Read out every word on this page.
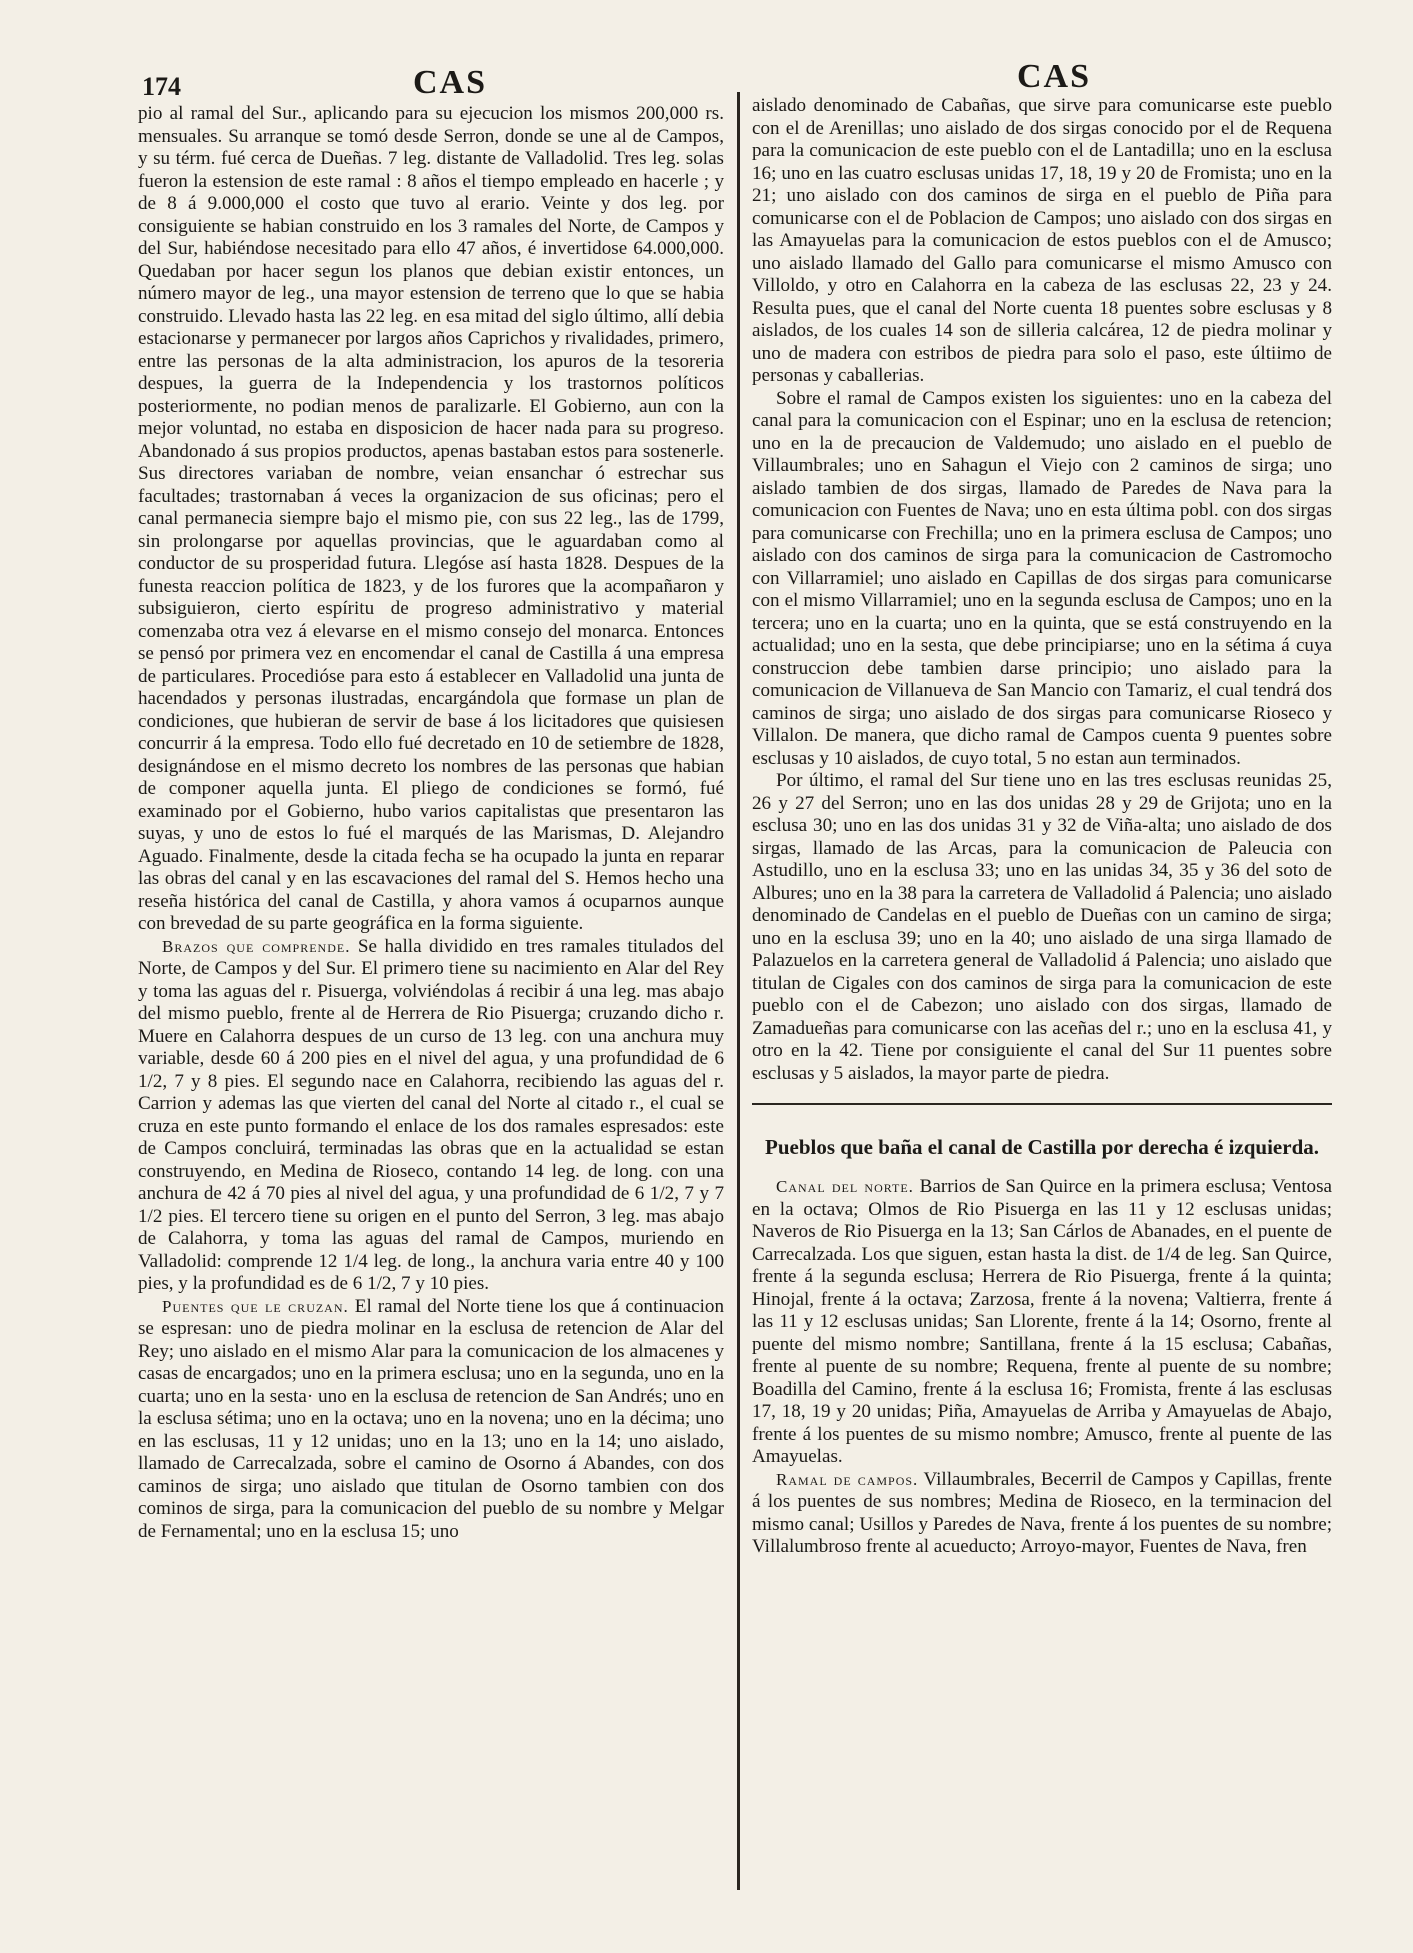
174	CAS	CAS

pio al ramal del Sur., aplicando para su ejecucion los mismos 200,000 rs. mensuales. Su arranque se tomó desde Serron, donde se une al de Campos, y su térm. fué cerca de Dueñas. 7 leg. distante de Valladolid. Tres leg. solas fueron la estension de este ramal : 8 años el tiempo empleado en hacerle ; y de 8 á 9.000,000 el costo que tuvo al erario. Veinte y dos leg. por consiguiente se habian construido en los 3 ramales del Norte, de Campos y del Sur, habiéndose necesitado para ello 47 años, é invertidose 64.000,000. Quedaban por hacer segun los planos que debian existir entonces, un número mayor de leg., una mayor estension de terreno que lo que se habia construido. Llevado hasta las 22 leg. en esa mitad del siglo último, allí debia estacionarse y permanecer por largos años Caprichos y rivalidades, primero, entre las personas de la alta administracion, los apuros de la tesoreria despues, la guerra de la Independencia y los trastornos políticos posteriormente, no podian menos de paralizarle. El Gobierno, aun con la mejor voluntad, no estaba en disposicion de hacer nada para su progreso. Abandonado á sus propios productos, apenas bastaban estos para sostenerle. Sus directores variaban de nombre, veian ensanchar ó estrechar sus facultades; trastornaban á veces la organizacion de sus oficinas; pero el canal permanecia siempre bajo el mismo pie, con sus 22 leg., las de 1799, sin prolongarse por aquellas provincias, que le aguardaban como al conductor de su prosperidad futura. Llegóse así hasta 1828. Despues de la funesta reaccion política de 1823, y de los furores que la acompañaron y subsiguieron, cierto espíritu de progreso administrativo y material comenzaba otra vez á elevarse en el mismo consejo del monarca. Entonces se pensó por primera vez en encomendar el canal de Castilla á una empresa de particulares. Procedióse para esto á establecer en Valladolid una junta de hacendados y personas ilustradas, encargándola que formase un plan de condiciones, que hubieran de servir de base á los licitadores que quisiesen concurrir á la empresa. Todo ello fué decretado en 10 de setiembre de 1828, designándose en el mismo decreto los nombres de las personas que habian de componer aquella junta. El pliego de condiciones se formó, fué examinado por el Gobierno, hubo varios capitalistas que presentaron las suyas, y uno de estos lo fué el marqués de las Marismas, D. Alejandro Aguado. Finalmente, desde la citada fecha se ha ocupado la junta en reparar las obras del canal y en las escavaciones del ramal del S. Hemos hecho una reseña histórica del canal de Castilla, y ahora vamos á ocuparnos aunque con brevedad de su parte geográfica en la forma siguiente.

Brazos que comprende. Se halla dividido en tres ramales titulados del Norte, de Campos y del Sur. El primero tiene su nacimiento en Alar del Rey y toma las aguas del r. Pisuerga, volviéndolas á recibir á una leg. mas abajo del mismo pueblo, frente al de Herrera de Rio Pisuerga; cruzando dicho r. Muere en Calahorra despues de un curso de 13 leg. con una anchura muy variable, desde 60 á 200 pies en el nivel del agua, y una profundidad de 6 1/2, 7 y 8 pies. El segundo nace en Calahorra, recibiendo las aguas del r. Carrion y ademas las que vierten del canal del Norte al citado r., el cual se cruza en este punto formando el enlace de los dos ramales espresados: este de Campos concluirá, terminadas las obras que en la actualidad se estan construyendo, en Medina de Rioseco, contando 14 leg. de long. con una anchura de 42 á 70 pies al nivel del agua, y una profundidad de 6 1/2, 7 y 7 1/2 pies. El tercero tiene su origen en el punto del Serron, 3 leg. mas abajo de Calahorra, y toma las aguas del ramal de Campos, muriendo en Valladolid: comprende 12 1/4 leg. de long., la anchura varia entre 40 y 100 pies, y la profundidad es de 6 1/2, 7 y 10 pies.

Puentes que le cruzan. El ramal del Norte tiene los que á continuacion se espresan: uno de piedra molinar en la esclusa de retencion de Alar del Rey; uno aislado en el mismo Alar para la comunicacion de los almacenes y casas de encargados; uno en la primera esclusa; uno en la segunda, uno en la cuarta; uno en la sesta· uno en la esclusa de retencion de San Andrés; uno en la esclusa sétima; uno en la octava; uno en la novena; uno en la décima; uno en las esclusas, 11 y 12 unidas; uno en la 13; uno en la 14; uno aislado, llamado de Carrecalzada, sobre el camino de Osorno á Abandes, con dos caminos de sirga; uno aislado que titulan de Osorno tambien con dos cominos de sirga, para la comunicacion del pueblo de su nombre y Melgar de Fernamental; uno en la esclusa 15; uno

aislado denominado de Cabañas, que sirve para comunicarse este pueblo con el de Arenillas; uno aislado de dos sirgas conocido por el de Requena para la comunicacion de este pueblo con el de Lantadilla; uno en la esclusa 16; uno en las cuatro esclusas unidas 17, 18, 19 y 20 de Fromista; uno en la 21; uno aislado con dos caminos de sirga en el pueblo de Piña para comunicarse con el de Poblacion de Campos; uno aislado con dos sirgas en las Amayuelas para la comunicacion de estos pueblos con el de Amusco; uno aislado llamado del Gallo para comunicarse el mismo Amusco con Villoldo, y otro en Calahorra en la cabeza de las esclusas 22, 23 y 24. Resulta pues, que el canal del Norte cuenta 18 puentes sobre esclusas y 8 aislados, de los cuales 14 son de silleria calcárea, 12 de piedra molinar y uno de madera con estribos de piedra para solo el paso, este últiimo de personas y caballerias.

Sobre el ramal de Campos existen los siguientes: uno en la cabeza del canal para la comunicacion con el Espinar; uno en la esclusa de retencion; uno en la de precaucion de Valdemudo; uno aislado en el pueblo de Villaumbrales; uno en Sahagun el Viejo con 2 caminos de sirga; uno aislado tambien de dos sirgas, llamado de Paredes de Nava para la comunicacion con Fuentes de Nava; uno en esta última pobl. con dos sirgas para comunicarse con Frechilla; uno en la primera esclusa de Campos; uno aislado con dos caminos de sirga para la comunicacion de Castromocho con Villarramiel; uno aislado en Capillas de dos sirgas para comunicarse con el mismo Villarramiel; uno en la segunda esclusa de Campos; uno en la tercera; uno en la cuarta; uno en la quinta, que se está construyendo en la actualidad; uno en la sesta, que debe principiarse; uno en la sétima á cuya construccion debe tambien darse principio; uno aislado para la comunicacion de Villanueva de San Mancio con Tamariz, el cual tendrá dos caminos de sirga; uno aislado de dos sirgas para comunicarse Rioseco y Villalon. De manera, que dicho ramal de Campos cuenta 9 puentes sobre esclusas y 10 aislados, de cuyo total, 5 no estan aun terminados.

Por último, el ramal del Sur tiene uno en las tres esclusas reunidas 25, 26 y 27 del Serron; uno en las dos unidas 28 y 29 de Grijota; uno en la esclusa 30; uno en las dos unidas 31 y 32 de Viña-alta; uno aislado de dos sirgas, llamado de las Arcas, para la comunicacion de Paleucia con Astudillo, uno en la esclusa 33; uno en las unidas 34, 35 y 36 del soto de Albures; uno en la 38 para la carretera de Valladolid á Palencia; uno aislado denominado de Candelas en el pueblo de Dueñas con un camino de sirga; uno en la esclusa 39; uno en la 40; uno aislado de una sirga llamado de Palazuelos en la carretera general de Valladolid á Palencia; uno aislado que titulan de Cigales con dos caminos de sirga para la comunicacion de este pueblo con el de Cabezon; uno aislado con dos sirgas, llamado de Zamadueñas para comunicarse con las aceñas del r.; uno en la esclusa 41, y otro en la 42. Tiene por consiguiente el canal del Sur 11 puentes sobre esclusas y 5 aislados, la mayor parte de piedra.

Pueblos que baña el canal de Castilla por derecha é izquierda.

Canal del norte. Barrios de San Quirce en la primera esclusa; Ventosa en la octava; Olmos de Rio Pisuerga en las 11 y 12 esclusas unidas; Naveros de Rio Pisuerga en la 13; San Cárlos de Abanades, en el puente de Carrecalzada. Los que siguen, estan hasta la dist. de 1/4 de leg. San Quirce, frente á la segunda esclusa; Herrera de Rio Pisuerga, frente á la quinta; Hinojal, frente á la octava; Zarzosa, frente á la novena; Valtierra, frente á las 11 y 12 esclusas unidas; San Llorente, frente á la 14; Osorno, frente al puente del mismo nombre; Santillana, frente á la 15 esclusa; Cabañas, frente al puente de su nombre; Requena, frente al puente de su nombre; Boadilla del Camino, frente á la esclusa 16; Fromista, frente á las esclusas 17, 18, 19 y 20 unidas; Piña, Amayuelas de Arriba y Amayuelas de Abajo, frente á los puentes de su mismo nombre; Amusco, frente al puente de las Amayuelas.

Ramal de campos. Villaumbrales, Becerril de Campos y Capillas, frente á los puentes de sus nombres; Medina de Rioseco, en la terminacion del mismo canal; Usillos y Paredes de Nava, frente á los puentes de su nombre; Villalumbroso frente al acueducto; Arroyo-mayor, Fuentes de Nava, fren
